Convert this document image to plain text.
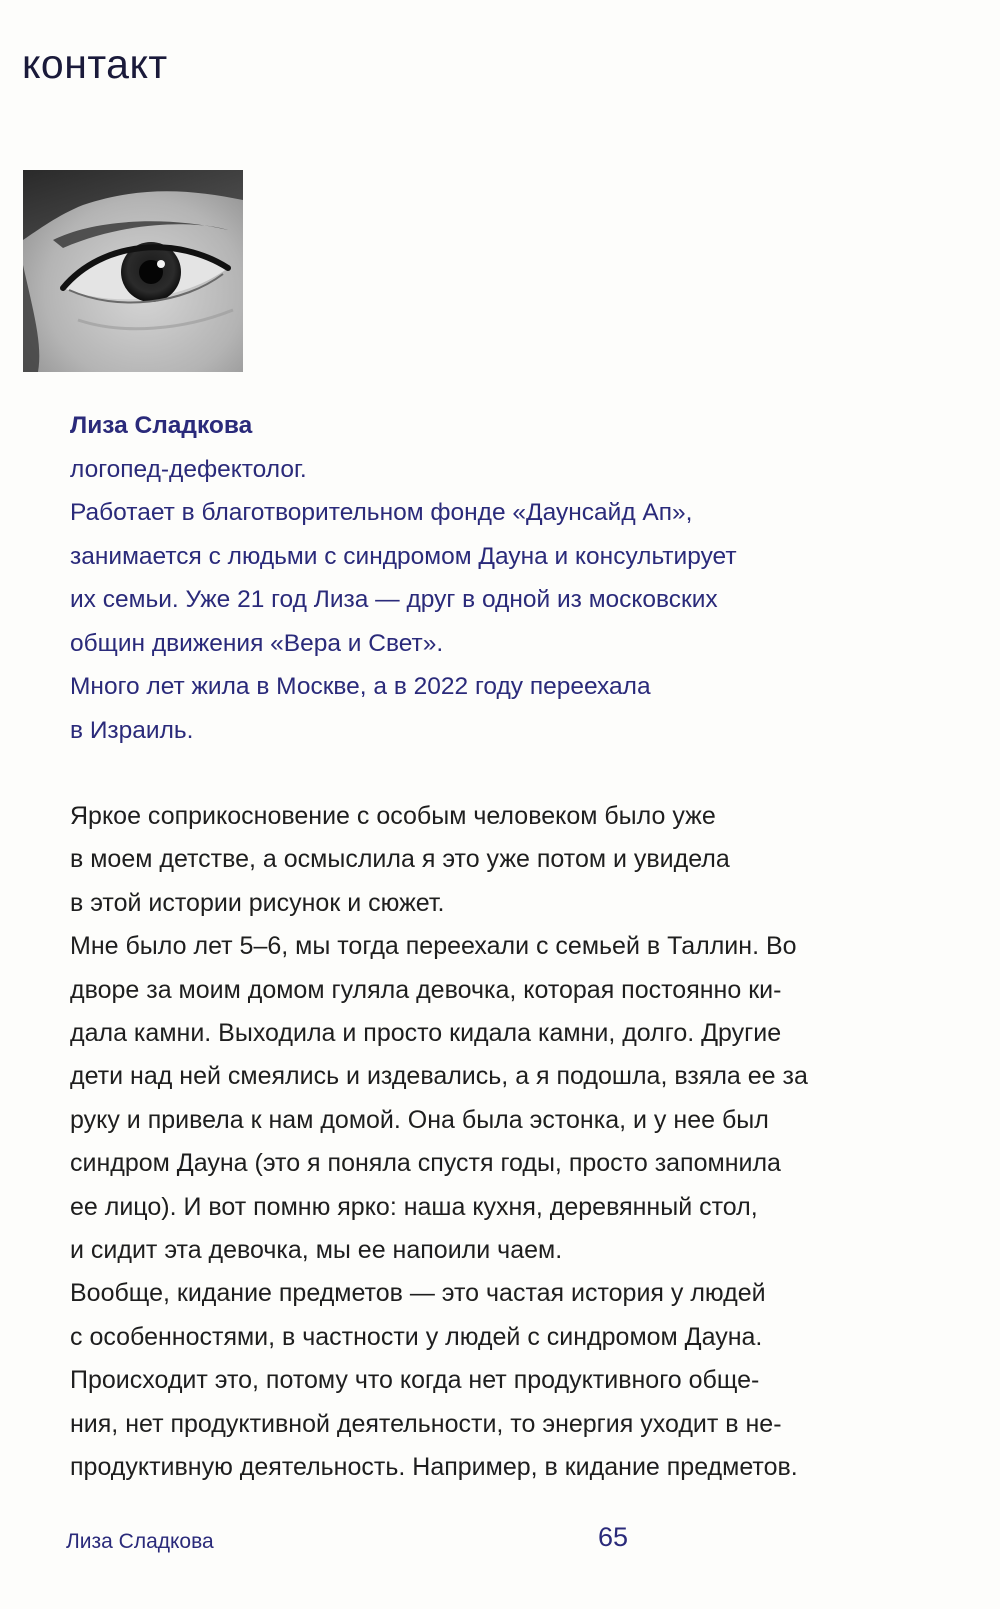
контакт
Лиза Сладкова
логопед-дефектолог.
Работает в благотворительном фонде «Даунсайд Ап»,
занимается с людьми с синдромом Дауна и консультирует
их семьи. Уже 21 год Лиза — друг в одной из московских
общин движения «Вера и Свет».
Много лет жила в Москве, а в 2022 году переехала
в Израиль.
Яркое соприкосновение с особым человеком было уже
в моем детстве, а осмыслила я это уже потом и увидела
в этой истории рисунок и сюжет.
Мне было лет 5–6, мы тогда переехали с семьей в Таллин. Во
дворе за моим домом гуляла девочка, которая постоянно ки-
дала камни. Выходила и просто кидала камни, долго. Другие
дети над ней смеялись и издевались, а я подошла, взяла ее за
руку и привела к нам домой. Она была эстонка, и у нее был
синдром Дауна (это я поняла спустя годы, просто запомнила
ее лицо). И вот помню ярко: наша кухня, деревянный стол,
и сидит эта девочка, мы ее напоили чаем.
Вообще, кидание предметов — это частая история у людей
с особенностями, в частности у людей с синдромом Дауна.
Происходит это, потому что когда нет продуктивного обще-
ния, нет продуктивной деятельности, то энергия уходит в не-
продуктивную деятельность. Например, в кидание предметов.
Лиза Сладкова	65
